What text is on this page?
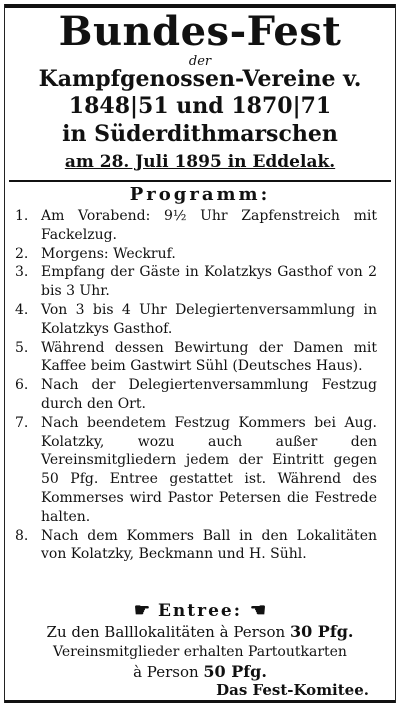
Bundes-Fest
der
Kampfgenossen-Vereine v.
1848|51 und 1870|71
in Süderdithmarschen
am 28. Juli 1895 in Eddelak.
Programm:
1. Am Vorabend: 9½ Uhr Zapfenstreich mit Fackelzug.
2. Morgens: Weckruf.
3. Empfang der Gäste in Kolatzkys Gasthof von 2 bis 3 Uhr.
4. Von 3 bis 4 Uhr Delegiertenversammlung in Kolatzkys Gasthof.
5. Während dessen Bewirtung der Damen mit Kaffee beim Gastwirt Sühl (Deutsches Haus).
6. Nach der Delegiertenversammlung Festzug durch den Ort.
7. Nach beendetem Festzug Kommers bei Aug. Kolatzky, wozu auch außer den Vereinsmitgliedern jedem der Eintritt gegen 50 Pfg. Entree gestattet ist. Während des Kommerses wird Pastor Petersen die Festrede halten.
8. Nach dem Kommers Ball in den Lokalitäten von Kolatzky, Beckmann und H. Sühl.
☛ Entree: ☚
Zu den Balllokalitäten à Person 30 Pfg.
Vereinsmitglieder erhalten Partoutkarten
à Person 50 Pfg.
Das Fest-Komitee.
